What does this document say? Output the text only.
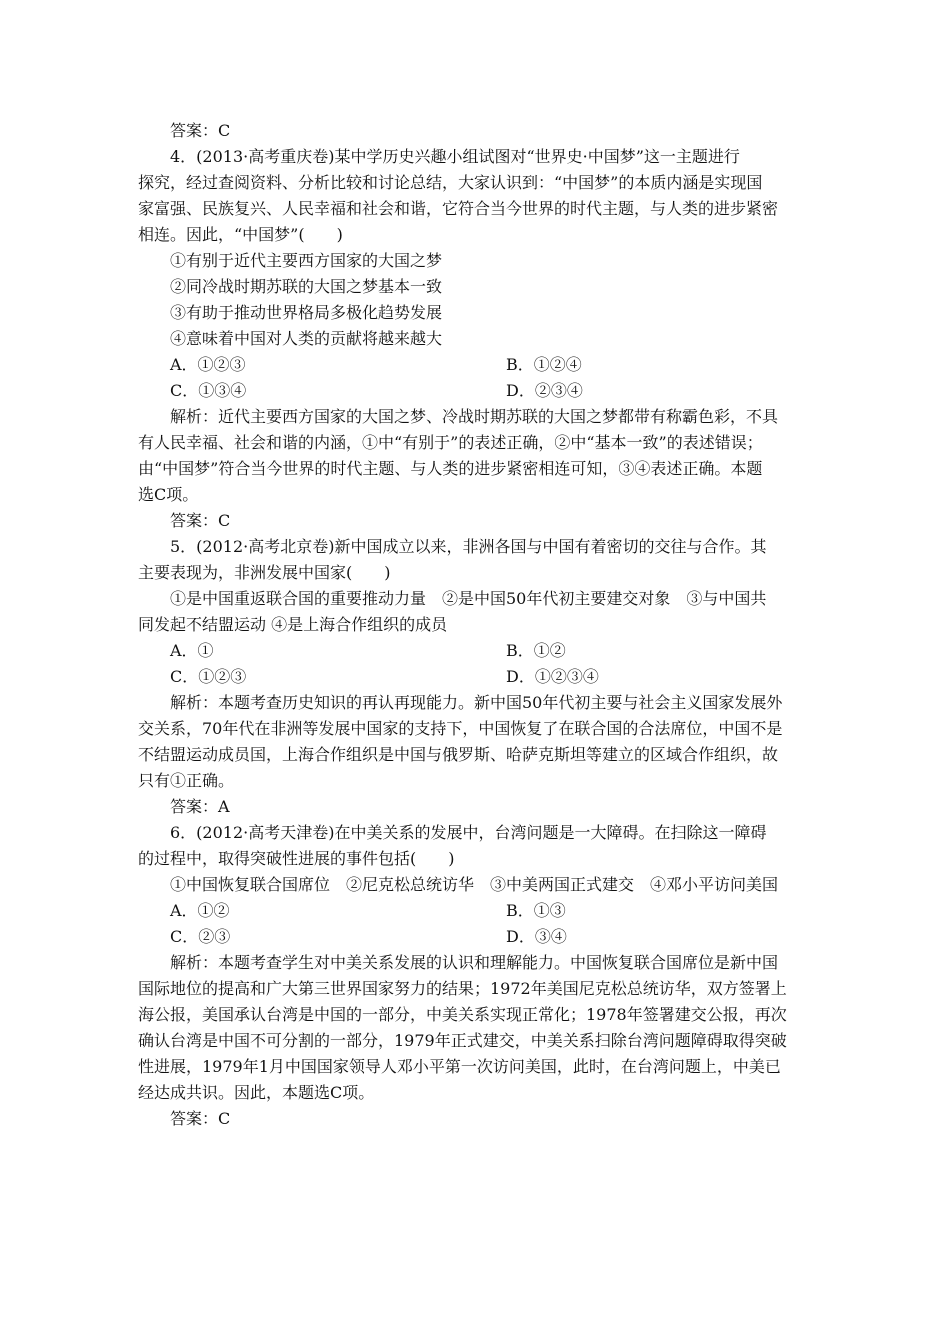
答案：C
4．(2013·高考重庆卷)某中学历史兴趣小组试图对“世界史·中国梦”这一主题进行
探究，经过查阅资料、分析比较和讨论总结，大家认识到：“中国梦”的本质内涵是实现国
家富强、民族复兴、人民幸福和社会和谐，它符合当今世界的时代主题，与人类的进步紧密
相连。因此，“中国梦”(　　)
①有别于近代主要西方国家的大国之梦
②同冷战时期苏联的大国之梦基本一致
③有助于推动世界格局多极化趋势发展
④意味着中国对人类的贡献将越来越大
A．①②③	B．①②④
C．①③④	D．②③④
解析：近代主要西方国家的大国之梦、冷战时期苏联的大国之梦都带有称霸色彩，不具
有人民幸福、社会和谐的内涵，①中“有别于”的表述正确，②中“基本一致”的表述错误；
由“中国梦”符合当今世界的时代主题、与人类的进步紧密相连可知，③④表述正确。本题
选C项。
答案：C
5．(2012·高考北京卷)新中国成立以来，非洲各国与中国有着密切的交往与合作。其
主要表现为，非洲发展中国家(　　)
①是中国重返联合国的重要推动力量　②是中国50年代初主要建交对象　③与中国共
同发起不结盟运动 ④是上海合作组织的成员
A．①	B．①②
C．①②③	D．①②③④
解析：本题考查历史知识的再认再现能力。新中国50年代初主要与社会主义国家发展外
交关系，70年代在非洲等发展中国家的支持下，中国恢复了在联合国的合法席位，中国不是
不结盟运动成员国，上海合作组织是中国与俄罗斯、哈萨克斯坦等建立的区域合作组织，故
只有①正确。
答案：A
6．(2012·高考天津卷)在中美关系的发展中，台湾问题是一大障碍。在扫除这一障碍
的过程中，取得突破性进展的事件包括(　　)
①中国恢复联合国席位　②尼克松总统访华　③中美两国正式建交　④邓小平访问美国
A．①②	B．①③
C．②③	D．③④
解析：本题考查学生对中美关系发展的认识和理解能力。中国恢复联合国席位是新中国
国际地位的提高和广大第三世界国家努力的结果；1972年美国尼克松总统访华，双方签署上
海公报，美国承认台湾是中国的一部分，中美关系实现正常化；1978年签署建交公报，再次
确认台湾是中国不可分割的一部分，1979年正式建交，中美关系扫除台湾问题障碍取得突破
性进展，1979年1月中国国家领导人邓小平第一次访问美国，此时，在台湾问题上，中美已
经达成共识。因此，本题选C项。
答案：C
